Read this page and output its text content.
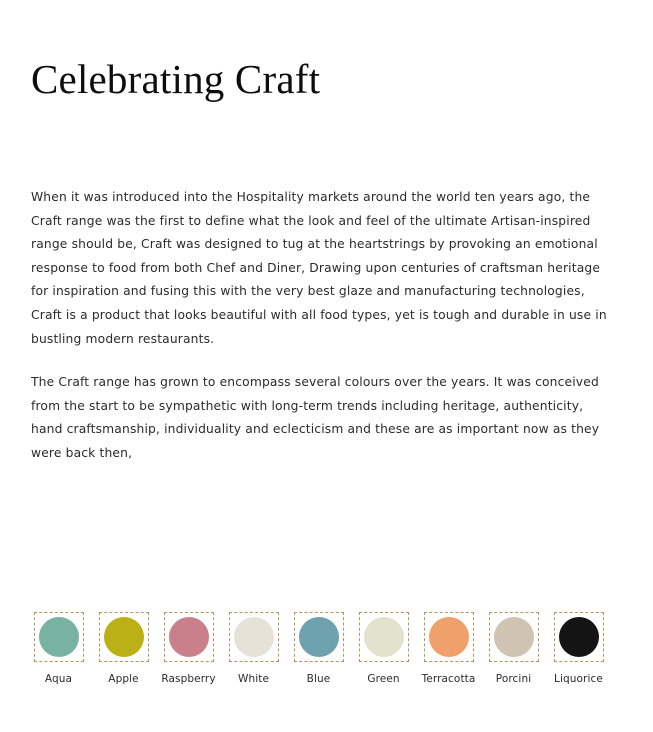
Celebrating Craft

When it was introduced into the Hospitality markets around the world ten years ago, the Craft range was the first to define what the look and feel of the ultimate Artisan-inspired range should be, Craft was designed to tug at the heartstrings by provoking an emotional response to food from both Chef and Diner, Drawing upon centuries of craftsman heritage for inspiration and fusing this with the very best glaze and manufacturing technologies, Craft is a product that looks beautiful with all food types, yet is tough and durable in use in bustling modern restaurants.

The Craft range has grown to encompass several colours over the years. It was conceived from the start to be sympathetic with long-term trends including heritage, authenticity, hand craftsmanship, individuality and eclecticism and these are as important now as they were back then,

Aqua	Apple Raspberry White	Blue	Green Terracotta Porcini Liquorice
